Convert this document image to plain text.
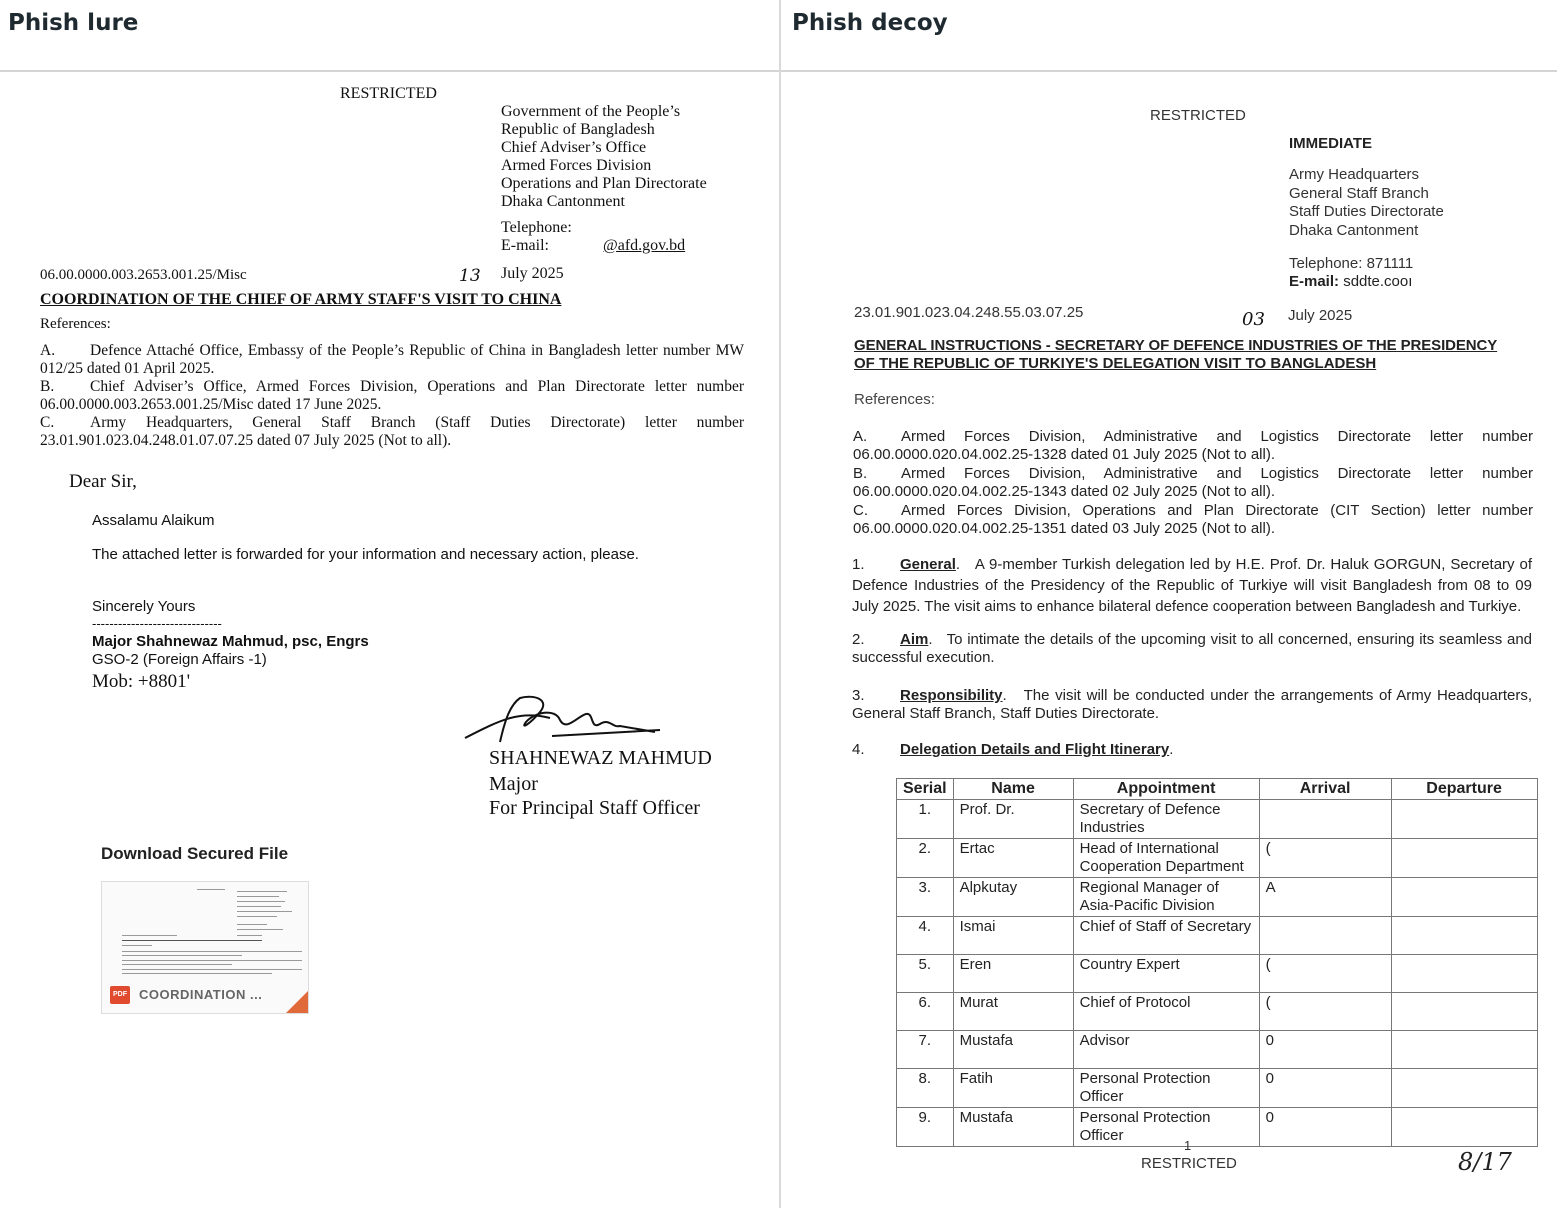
Phish lure
RESTRICTED
Government of the People’s
Republic of Bangladesh
Chief Adviser’s Office
Armed Forces Division
Operations and Plan Directorate
Dhaka Cantonment
Telephone:
E-mail:	@afd.gov.bd
06.00.0000.003.2653.001.25/Misc	13 July 2025
COORDINATION OF THE CHIEF OF ARMY STAFF'S VISIT TO CHINA
References:
A. Defence Attaché Office, Embassy of the People’s Republic of China in Bangladesh letter number MW 012/25 dated 01 April 2025.
B. Chief Adviser’s Office, Armed Forces Division, Operations and Plan Directorate letter number 06.00.0000.003.2653.001.25/Misc dated 17 June 2025.
C. Army Headquarters, General Staff Branch (Staff Duties Directorate) letter number 23.01.901.023.04.248.01.07.07.25 dated 07 July 2025 (Not to all).
Dear Sir,
Assalamu Alaikum
The attached letter is forwarded for your information and necessary action, please.
Sincerely Yours
------------------------------
Major Shahnewaz Mahmud, psc, Engrs
GSO-2 (Foreign Affairs -1)
Mob: +8801'
SHAHNEWAZ MAHMUD
Major
For Principal Staff Officer
Download Secured File
PDF COORDINATION ...
Phish decoy
RESTRICTED
IMMEDIATE
Army Headquarters
General Staff Branch
Staff Duties Directorate
Dhaka Cantonment
Telephone: 871111
E-mail: sddte.cooı
23.01.901.023.04.248.55.03.07.25	03 July 2025
GENERAL INSTRUCTIONS - SECRETARY OF DEFENCE INDUSTRIES OF THE PRESIDENCY
OF THE REPUBLIC OF TURKIYE'S DELEGATION VISIT TO BANGLADESH
References:
A. Armed Forces Division, Administrative and Logistics Directorate letter number 06.00.0000.020.04.002.25-1328 dated 01 July 2025 (Not to all).
B. Armed Forces Division, Administrative and Logistics Directorate letter number 06.00.0000.020.04.002.25-1343 dated 02 July 2025 (Not to all).
C. Armed Forces Division, Operations and Plan Directorate (CIT Section) letter number 06.00.0000.020.04.002.25-1351 dated 03 July 2025 (Not to all).
1. General.   A 9-member Turkish delegation led by H.E. Prof. Dr. Haluk GORGUN, Secretary of Defence Industries of the Presidency of the Republic of Turkiye will visit Bangladesh from 08 to 09 July 2025. The visit aims to enhance bilateral defence cooperation between Bangladesh and Turkiye.
2. Aim.   To intimate the details of the upcoming visit to all concerned, ensuring its seamless and successful execution.
3. Responsibility.   The visit will be conducted under the arrangements of Army Headquarters, General Staff Branch, Staff Duties Directorate.
4. Delegation Details and Flight Itinerary.
Serial	Name	Appointment	Arrival	Departure
1.	Prof. Dr.	Secretary of Defence Industries		
2.	Ertac	Head of International Cooperation Department	(	
3.	Alpkutay	Regional Manager of Asia-Pacific Division	A	
4.	Ismai	Chief of Staff of Secretary		
5.	Eren	Country Expert	(	
6.	Murat	Chief of Protocol	(	
7.	Mustafa	Advisor	0	
8.	Fatih	Personal Protection Officer	0	
9.	Mustafa	Personal Protection Officer	0	
1
RESTRICTED	8/17
